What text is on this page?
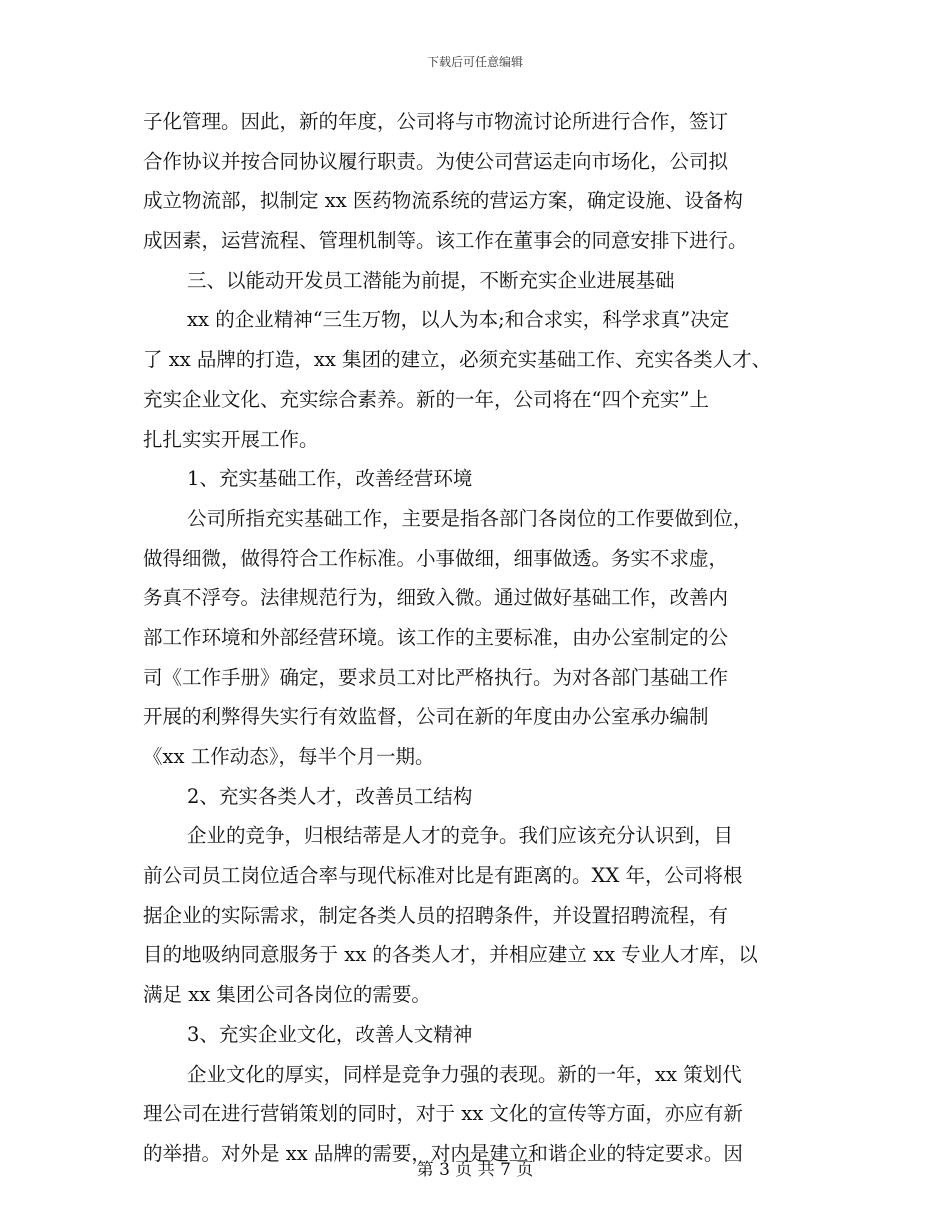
下载后可任意编辑
子化管理。因此，新的年度，公司将与市物流讨论所进行合作，签订
合作协议并按合同协议履行职责。为使公司营运走向市场化，公司拟
成立物流部，拟制定 xx 医药物流系统的营运方案，确定设施、设备构
成因素，运营流程、管理机制等。该工作在董事会的同意安排下进行。
三、以能动开发员工潜能为前提，不断充实企业进展基础
xx 的企业精神“三生万物，以人为本;和合求实，科学求真”决定
了 xx 品牌的打造，xx 集团的建立，必须充实基础工作、充实各类人才、
充实企业文化、充实综合素养。新的一年，公司将在“四个充实”上
扎扎实实开展工作。
1、充实基础工作，改善经营环境
公司所指充实基础工作，主要是指各部门各岗位的工作要做到位，
做得细微，做得符合工作标准。小事做细，细事做透。务实不求虚，
务真不浮夸。法律规范行为，细致入微。通过做好基础工作，改善内
部工作环境和外部经营环境。该工作的主要标准，由办公室制定的公
司《工作手册》确定，要求员工对比严格执行。为对各部门基础工作
开展的利弊得失实行有效监督，公司在新的年度由办公室承办编制
《xx 工作动态》，每半个月一期。
2、充实各类人才，改善员工结构
企业的竞争，归根结蒂是人才的竞争。我们应该充分认识到，目
前公司员工岗位适合率与现代标准对比是有距离的。XX 年，公司将根
据企业的实际需求，制定各类人员的招聘条件，并设置招聘流程，有
目的地吸纳同意服务于 xx 的各类人才，并相应建立 xx 专业人才库，以
满足 xx 集团公司各岗位的需要。
3、充实企业文化，改善人文精神
企业文化的厚实，同样是竞争力强的表现。新的一年，xx 策划代
理公司在进行营销策划的同时，对于 xx 文化的宣传等方面，亦应有新
的举措。对外是 xx 品牌的需要，对内是建立和谐企业的特定要求。因
第 3 页 共 7 页
